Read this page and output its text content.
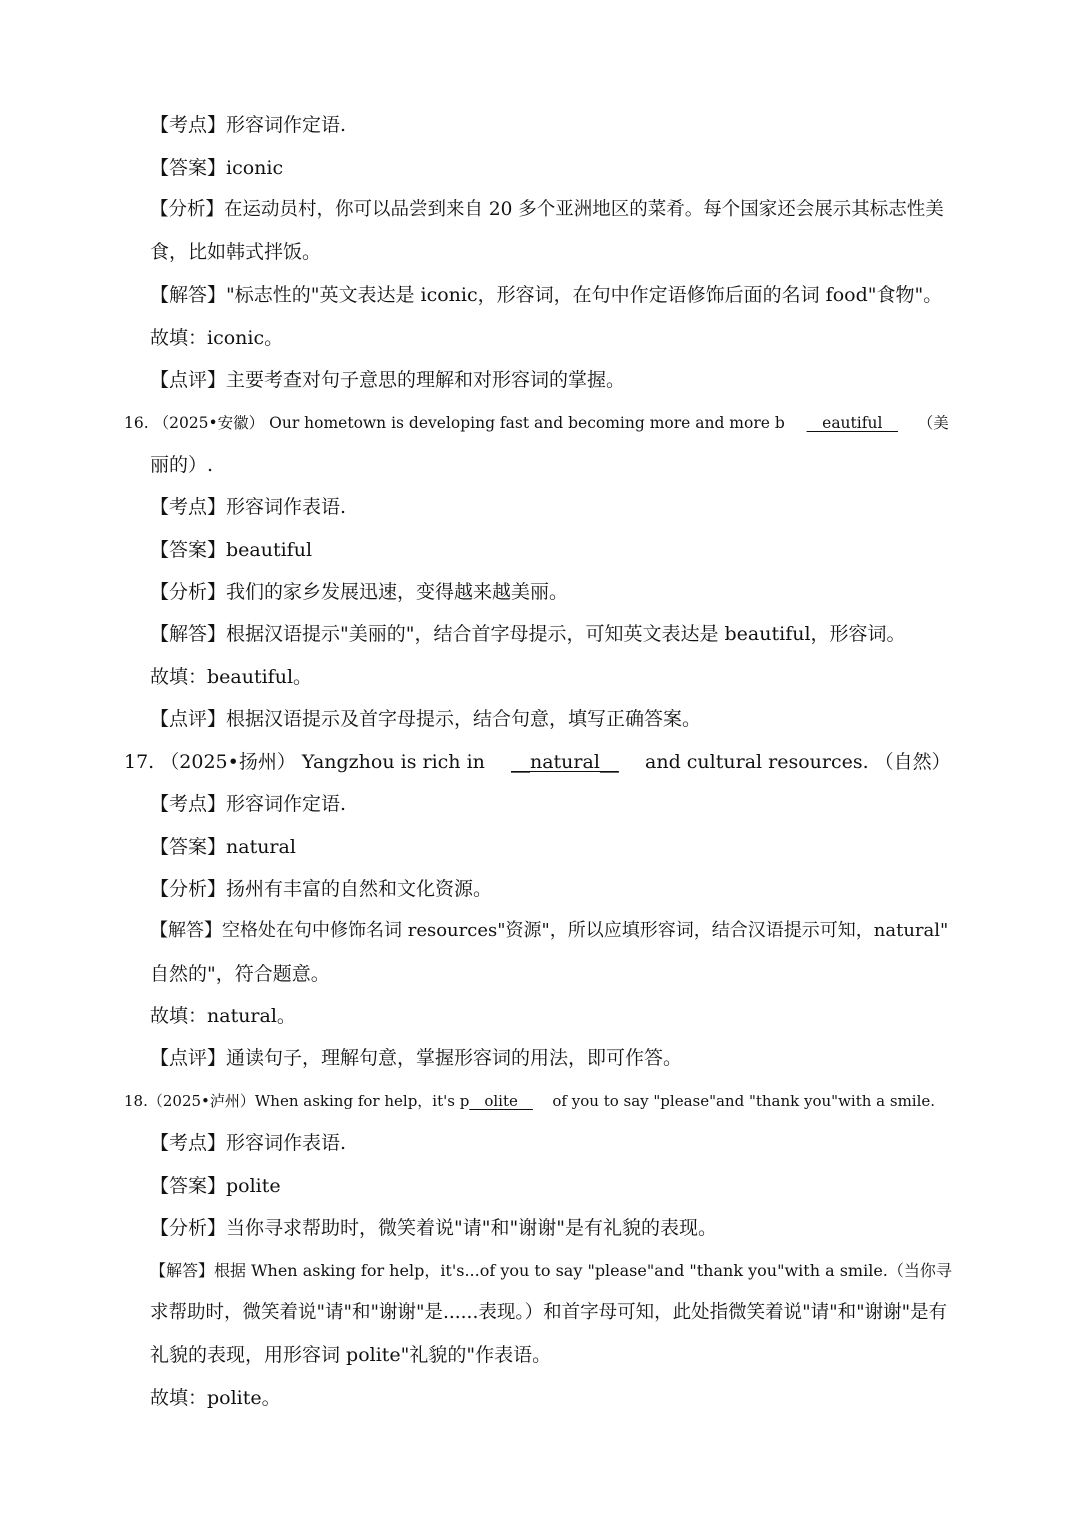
【考点】形容词作定语.
【答案】iconic
【分析】在运动员村，你可以品尝到来自 20 多个亚洲地区的菜肴。每个国家还会展示其标志性美
食，比如韩式拌饭。
【解答】"标志性的"英文表达是 iconic，形容词，在句中作定语修饰后面的名词 food"食物"。
故填：iconic。
【点评】主要考查对句子意思的理解和对形容词的掌握。
16. （2025•安徽） Our hometown is developing fast and becoming more and more b __eautiful__ （美
丽的）.
【考点】形容词作表语.
【答案】beautiful
【分析】我们的家乡发展迅速，变得越来越美丽。
【解答】根据汉语提示"美丽的"，结合首字母提示，可知英文表达是 beautiful，形容词。
故填：beautiful。
【点评】根据汉语提示及首字母提示，结合句意，填写正确答案。
17. （2025•扬州） Yangzhou is rich in __natural__ and cultural resources. （自然）
【考点】形容词作定语.
【答案】natural
【分析】扬州有丰富的自然和文化资源。
【解答】空格处在句中修饰名词 resources"资源"，所以应填形容词，结合汉语提示可知，natural"
自然的"，符合题意。
故填：natural。
【点评】通读句子，理解句意，掌握形容词的用法，即可作答。
18.（2025•泸州）When asking for help，it's p__olite__ of you to say "please"and "thank you"with a smile.
【考点】形容词作表语.
【答案】polite
【分析】当你寻求帮助时，微笑着说"请"和"谢谢"是有礼貌的表现。
【解答】根据 When asking for help，it's...of you to say "please"and "thank you"with a smile.（当你寻
求帮助时，微笑着说"请"和"谢谢"是......表现。）和首字母可知，此处指微笑着说"请"和"谢谢"是有
礼貌的表现，用形容词 polite"礼貌的"作表语。
故填：polite。
